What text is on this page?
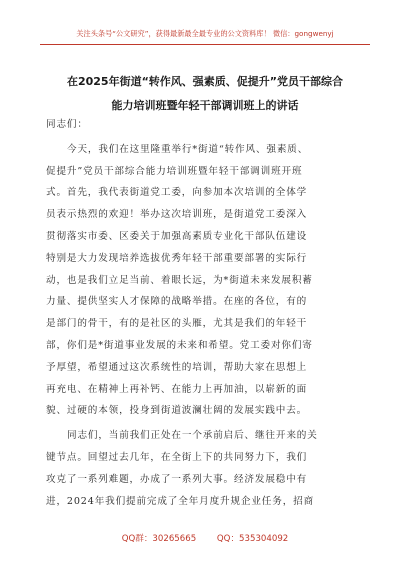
关注头条号“公文研究”，获得最新最全最专业的公文资料库！ 微信：gongwenyj
在2025年街道“转作风、强素质、促提升”党员干部综合
能力培训班暨年轻干部调训班上的讲话
同志们：
今天，我们在这里隆重举行*街道“转作风、强素质、
促提升”党员干部综合能力培训班暨年轻干部调训班开班
式。首先，我代表街道党工委，向参加本次培训的全体学
员表示热烈的欢迎！举办这次培训班，是街道党工委深入
贯彻落实市委、区委关于加强高素质专业化干部队伍建设
特别是大力发现培养选拔优秀年轻干部重要部署的实际行
动，也是我们立足当前、着眼长远，为*街道未来发展积蓄
力量、提供坚实人才保障的战略举措。在座的各位，有的
是部门的骨干，有的是社区的头雁，尤其是我们的年轻干
部，你们是*街道事业发展的未来和希望。党工委对你们寄
予厚望，希望通过这次系统性的培训，帮助大家在思想上
再充电、在精神上再补钙、在能力上再加油，以崭新的面
貌、过硬的本领，投身到街道波澜壮阔的发展实践中去。
同志们，当前我们正处在一个承前启后、继往开来的关
键节点。回望过去几年，在全街上下的共同努力下，我们
攻克了一系列难题，办成了一系列大事。经济发展稳中有
进，2024年我们提前完成了全年月度升规企业任务，招商
QQ群：30265665 QQ：535304092
